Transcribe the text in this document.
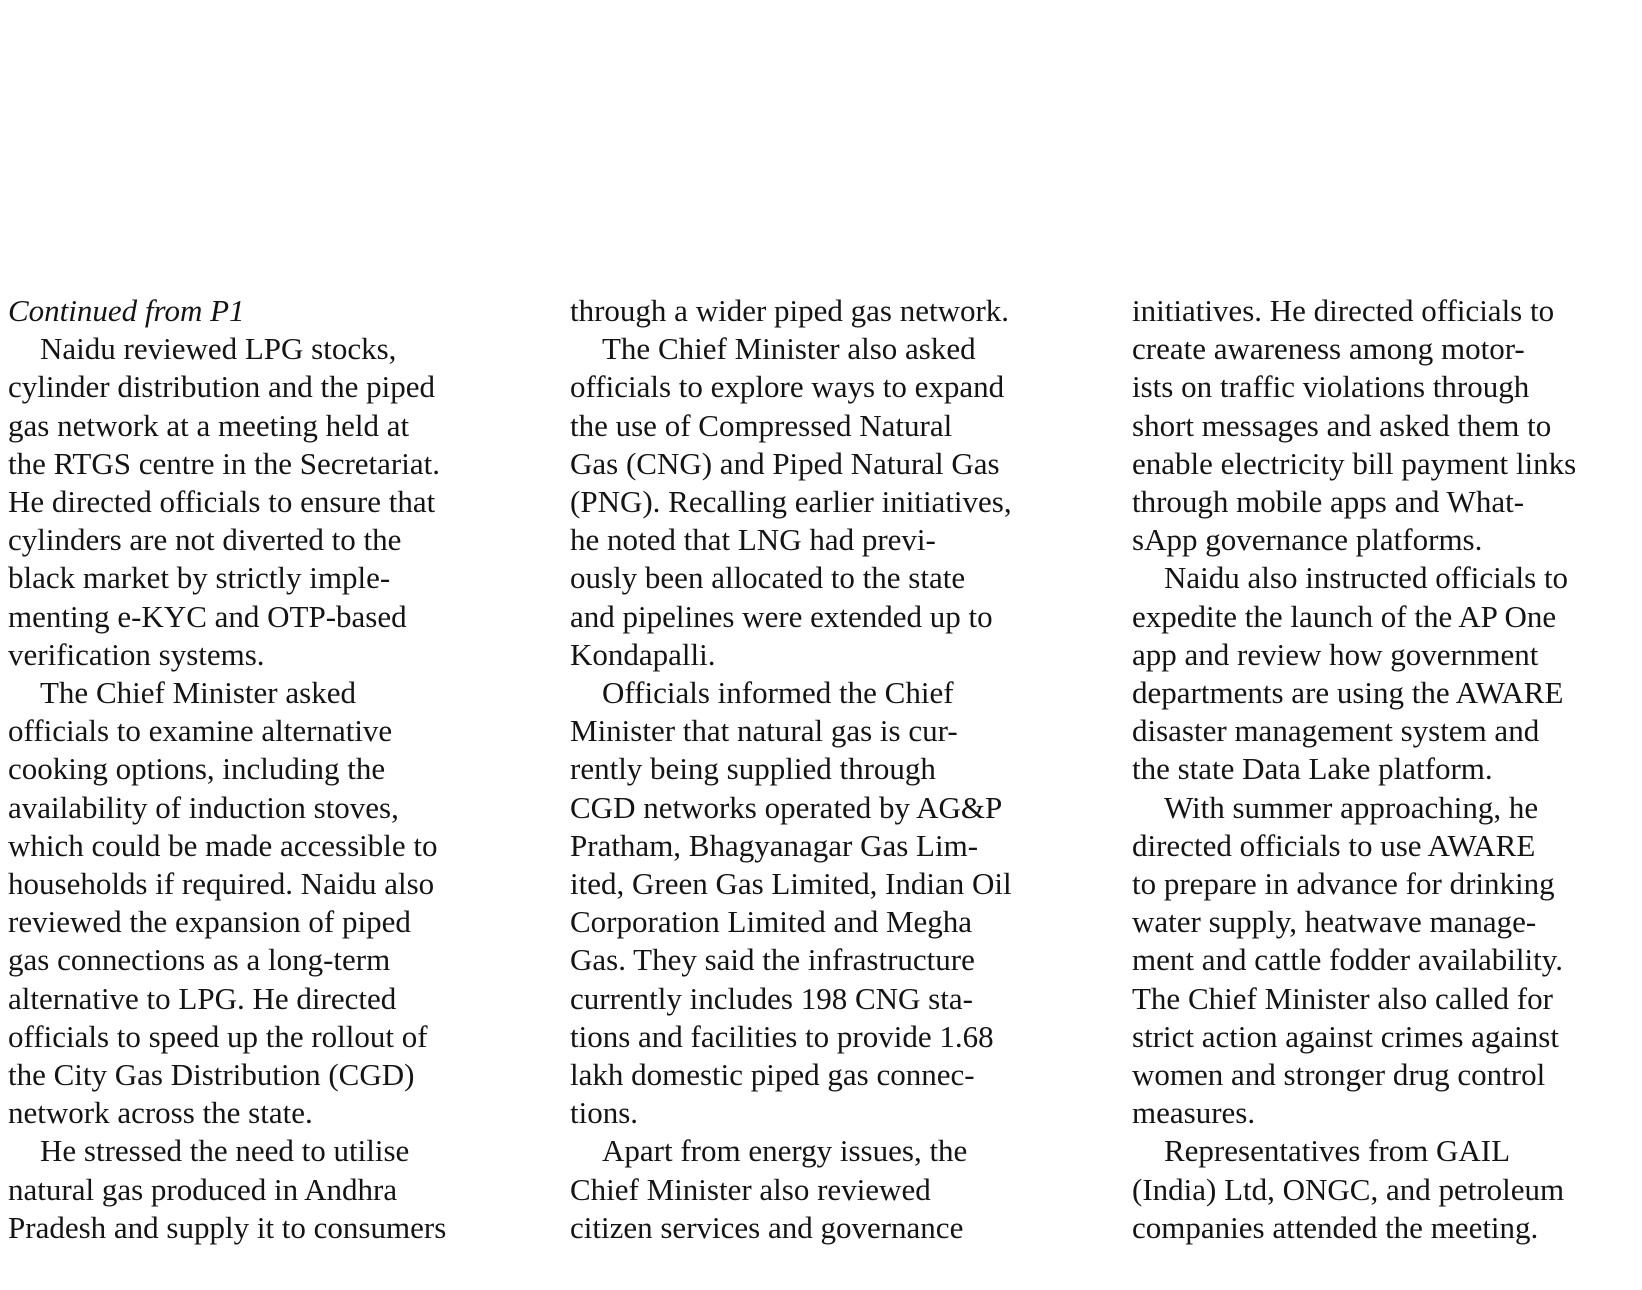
Continued from P1
Naidu reviewed LPG stocks,
cylinder distribution and the piped
gas network at a meeting held at
the RTGS centre in the Secretariat.
He directed officials to ensure that
cylinders are not diverted to the
black market by strictly imple-
menting e-KYC and OTP-based
verification systems.
The Chief Minister asked
officials to examine alternative
cooking options, including the
availability of induction stoves,
which could be made accessible to
households if required. Naidu also
reviewed the expansion of piped
gas connections as a long-term
alternative to LPG. He directed
officials to speed up the rollout of
the City Gas Distribution (CGD)
network across the state.
He stressed the need to utilise
natural gas produced in Andhra
Pradesh and supply it to consumers
through a wider piped gas network.
The Chief Minister also asked
officials to explore ways to expand
the use of Compressed Natural
Gas (CNG) and Piped Natural Gas
(PNG). Recalling earlier initiatives,
he noted that LNG had previ-
ously been allocated to the state
and pipelines were extended up to
Kondapalli.
Officials informed the Chief
Minister that natural gas is cur-
rently being supplied through
CGD networks operated by AG&P
Pratham, Bhagyanagar Gas Lim-
ited, Green Gas Limited, Indian Oil
Corporation Limited and Megha
Gas. They said the infrastructure
currently includes 198 CNG sta-
tions and facilities to provide 1.68
lakh domestic piped gas connec-
tions.
Apart from energy issues, the
Chief Minister also reviewed
citizen services and governance
initiatives. He directed officials to
create awareness among motor-
ists on traffic violations through
short messages and asked them to
enable electricity bill payment links
through mobile apps and What-
sApp governance platforms.
Naidu also instructed officials to
expedite the launch of the AP One
app and review how government
departments are using the AWARE
disaster management system and
the state Data Lake platform.
With summer approaching, he
directed officials to use AWARE
to prepare in advance for drinking
water supply, heatwave manage-
ment and cattle fodder availability.
The Chief Minister also called for
strict action against crimes against
women and stronger drug control
measures.
Representatives from GAIL
(India) Ltd, ONGC, and petroleum
companies attended the meeting.
